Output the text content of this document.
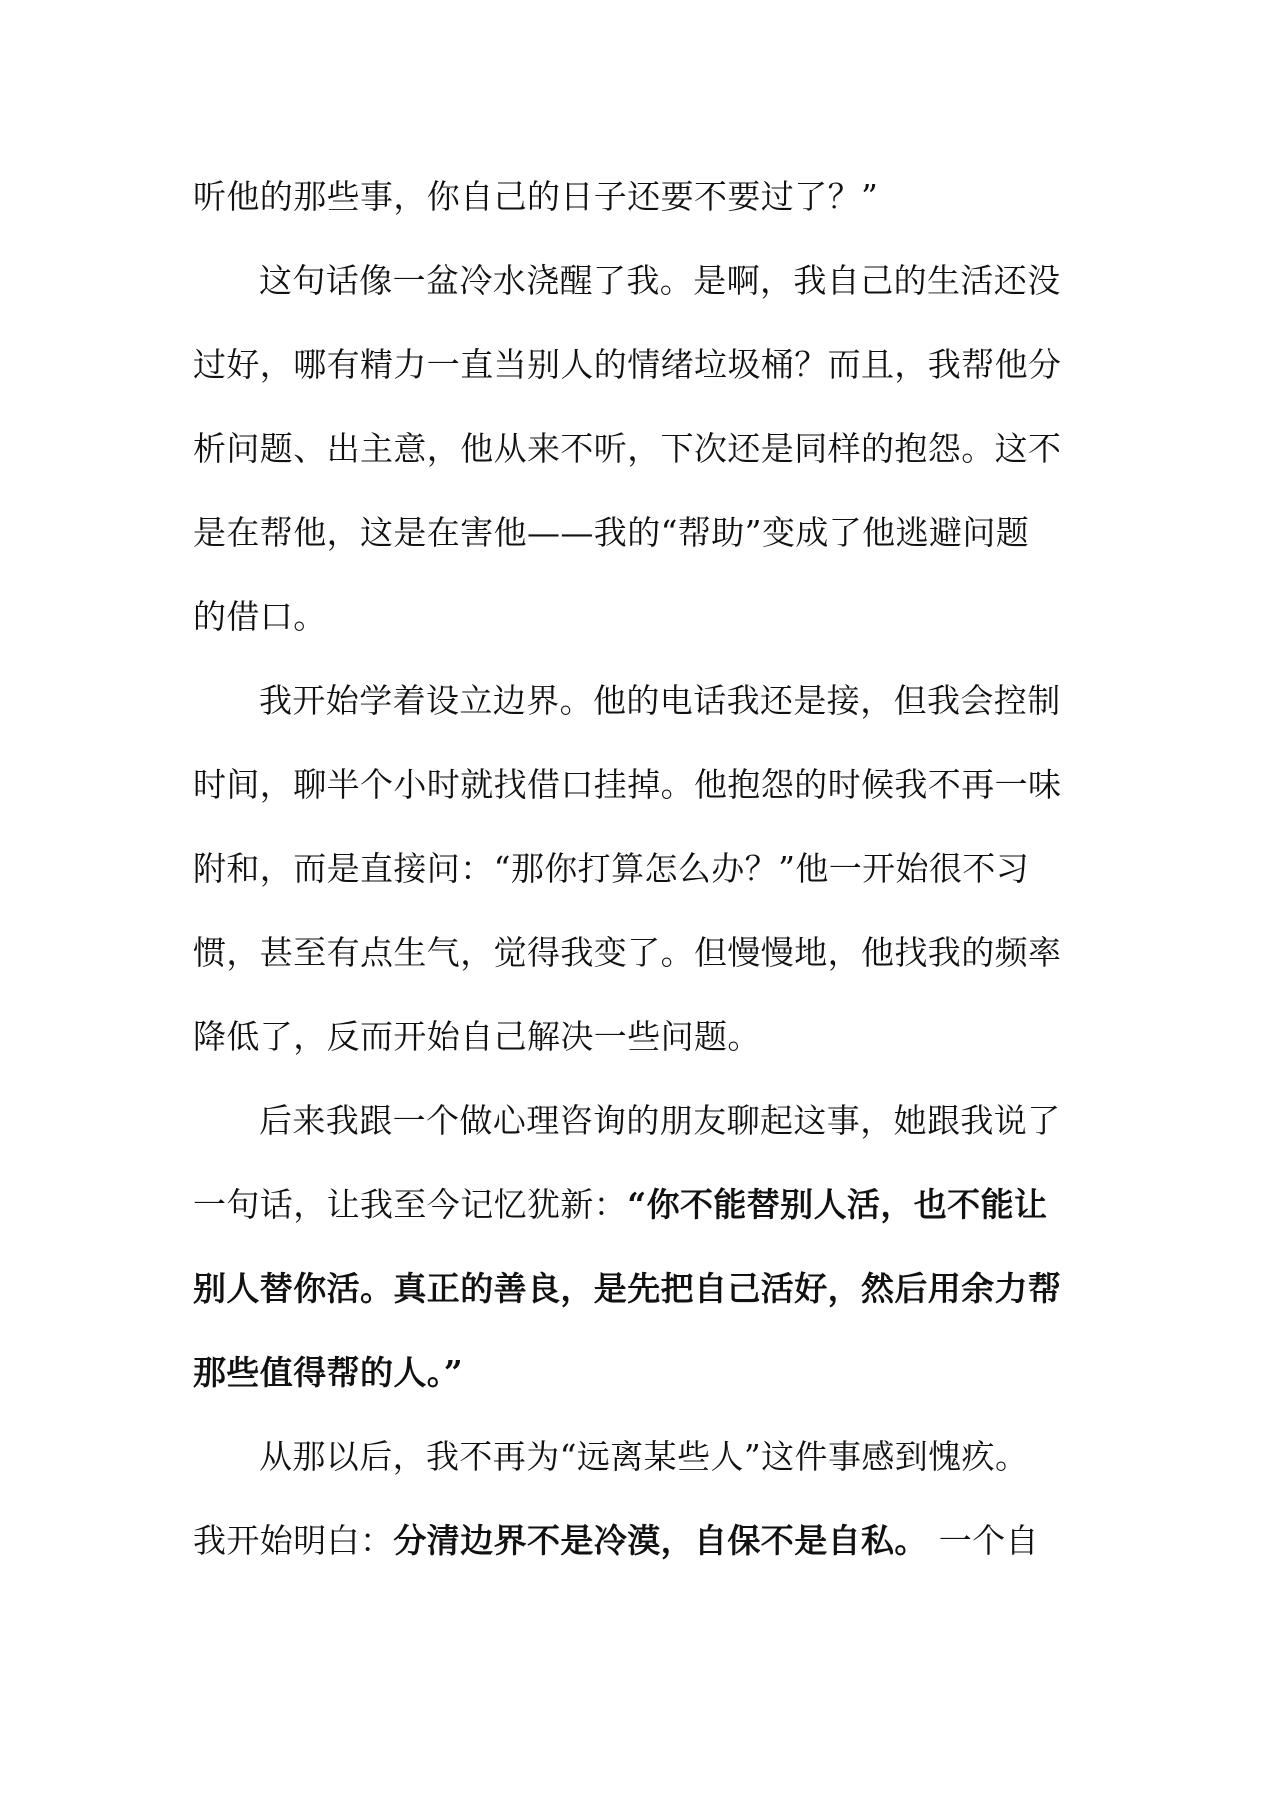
听他的那些事，你自己的日子还要不要过了？”
这句话像一盆冷水浇醒了我。是啊，我自己的生活还没
过好，哪有精力一直当别人的情绪垃圾桶？而且，我帮他分
析问题、出主意，他从来不听，下次还是同样的抱怨。这不
是在帮他，这是在害他——我的“帮助”变成了他逃避问题
的借口。
我开始学着设立边界。他的电话我还是接，但我会控制
时间，聊半个小时就找借口挂掉。他抱怨的时候我不再一味
附和，而是直接问：“那你打算怎么办？”他一开始很不习
惯，甚至有点生气，觉得我变了。但慢慢地，他找我的频率
降低了，反而开始自己解决一些问题。
后来我跟一个做心理咨询的朋友聊起这事，她跟我说了
一句话，让我至今记忆犹新：“你不能替别人活，也不能让
别人替你活。真正的善良，是先把自己活好，然后用余力帮
那些值得帮的人。”
从那以后，我不再为“远离某些人”这件事感到愧疚。
我开始明白：分清边界不是冷漠，自保不是自私。 一个自
